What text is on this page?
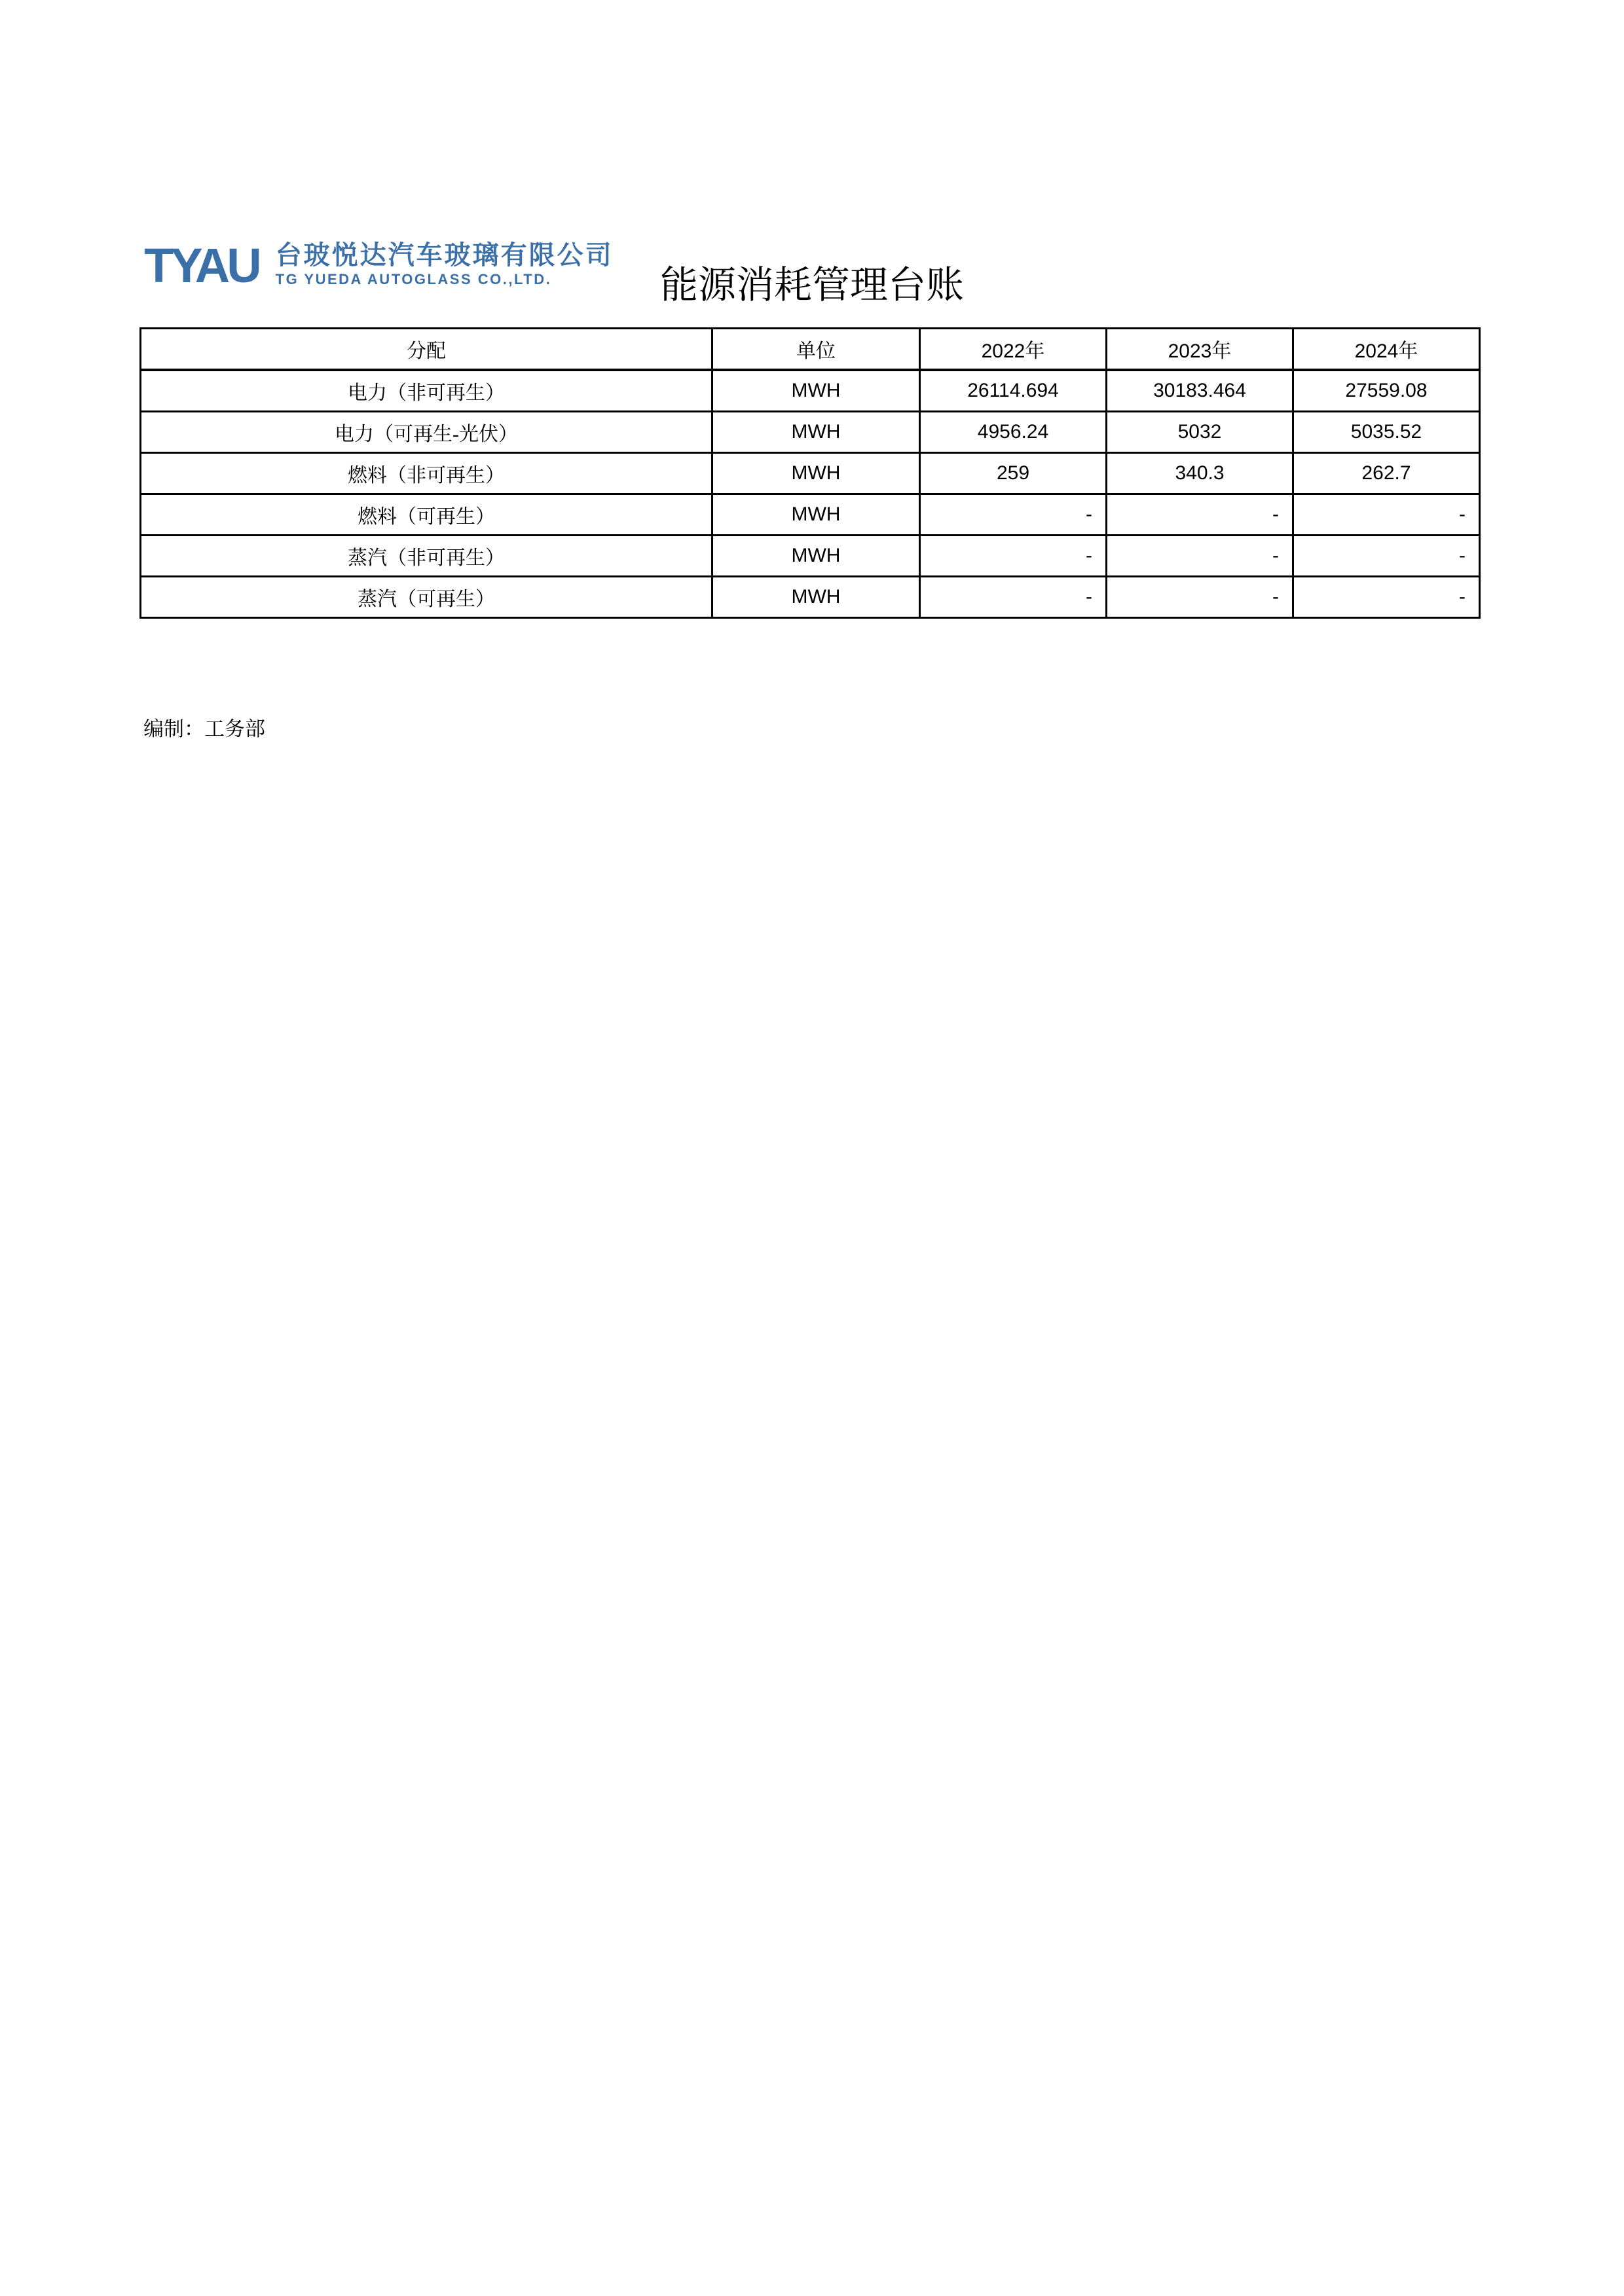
TYAU 台玻悦达汽车玻璃有限公司
TG YUEDA AUTOGLASS CO.,LTD.	能源消耗管理台账
分配	单位	2022年	2023年	2024年
电力（非可再生）	MWH	26114.694	30183.464	27559.08
电力（可再生-光伏）	MWH	4956.24	5032	5035.52
燃料（非可再生）	MWH	259	340.3	262.7
燃料（可再生）	MWH	-	-	-
蒸汽（非可再生）	MWH	-	-	-
蒸汽（可再生）	MWH	-	-	-
编制：工务部
